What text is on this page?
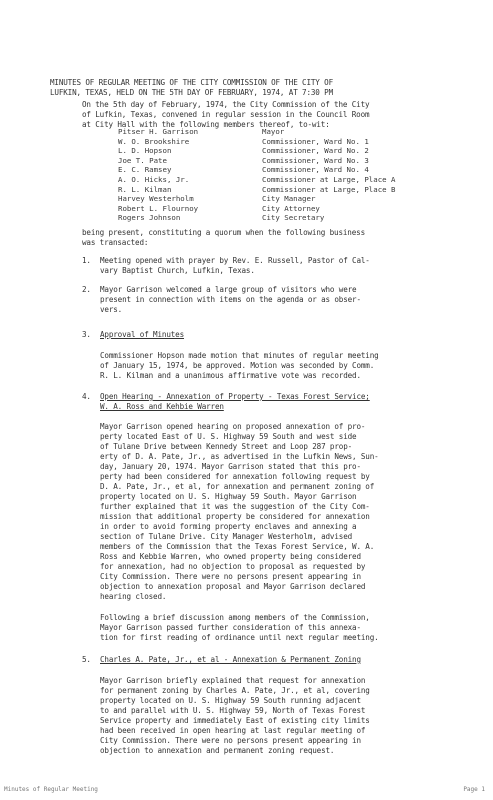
MINUTES OF REGULAR MEETING OF THE CITY COMMISSION OF THE CITY OF
LUFKIN, TEXAS, HELD ON THE 5TH DAY OF FEBRUARY, 1974, AT 7:30 PM
On the 5th day of February, 1974, the City Commission of the City
of Lufkin, Texas, convened in regular session in the Council Room
at City Hall with the following members thereof, to-wit:
Pitser H. Garrison	Mayor
W. O. Brookshire	Commissioner, Ward No. 1
L. D. Hopson	Commissioner, Ward No. 2
Joe T. Pate	Commissioner, Ward No. 3
E. C. Ramsey	Commissioner, Ward No. 4
A. O. Hicks, Jr.	Commissioner at Large, Place A
R. L. Kilman	Commissioner at Large, Place B
Harvey Westerholm	City Manager
Robert L. Flournoy	City Attorney
Rogers Johnson	City Secretary
being present, constituting a quorum when the following business
was transacted:
1. Meeting opened with prayer by Rev. E. Russell, Pastor of Cal-
vary Baptist Church, Lufkin, Texas.
2. Mayor Garrison welcomed a large group of visitors who were
present in connection with items on the agenda or as obser-
vers.
3. Approval of Minutes
Commissioner Hopson made motion that minutes of regular meeting
of January 15, 1974, be approved. Motion was seconded by Comm.
R. L. Kilman and a unanimous affirmative vote was recorded.
4. Open Hearing - Annexation of Property - Texas Forest Service;
W. A. Ross and Kehbie Warren
Mayor Garrison opened hearing on proposed annexation of pro-
perty located East of U. S. Highway 59 South and west side
of Tulane Drive between Kennedy Street and Loop 287 prop-
erty of D. A. Pate, Jr., as advertised in the Lufkin News, Sun-
day, January 20, 1974. Mayor Garrison stated that this pro-
perty had been considered for annexation following request by
D. A. Pate, Jr., et al, for annexation and permanent zoning of
property located on U. S. Highway 59 South. Mayor Garrison
further explained that it was the suggestion of the City Com-
mission that additional property be considered for annexation
in order to avoid forming property enclaves and annexing a
section of Tulane Drive. City Manager Westerholm, advised
members of the Commission that the Texas Forest Service, W. A.
Ross and Kebbie Warren, who owned property being considered
for annexation, had no objection to proposal as requested by
City Commission. There were no persons present appearing in
objection to annexation proposal and Mayor Garrison declared
hearing closed.
Following a brief discussion among members of the Commission,
Mayor Garrison passed further consideration of this annexa-
tion for first reading of ordinance until next regular meeting.
5. Charles A. Pate, Jr., et al - Annexation & Permanent Zoning
Mayor Garrison briefly explained that request for annexation
for permanent zoning by Charles A. Pate, Jr., et al, covering
property located on U. S. Highway 59 South running adjacent
to and parallel with U. S. Highway 59, North of Texas Forest
Service property and immediately East of existing city limits
had been received in open hearing at last regular meeting of
City Commission. There were no persons present appearing in
objection to annexation and permanent zoning request.
Minutes of Regular Meeting	Page 1
